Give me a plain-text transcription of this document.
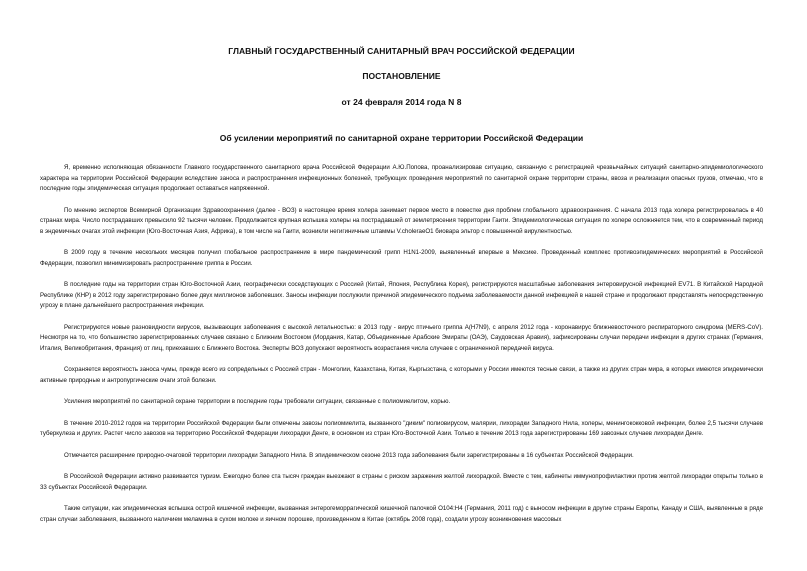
ГЛАВНЫЙ ГОСУДАРСТВЕННЫЙ САНИТАРНЫЙ ВРАЧ РОССИЙСКОЙ ФЕДЕРАЦИИ
ПОСТАНОВЛЕНИЕ
от 24 февраля 2014 года N 8
Об усилении мероприятий по санитарной охране территории Российской Федерации

Я, временно исполняющая обязанности Главного государственного санитарного врача Российской Федерации А.Ю.Попова, проанализировав ситуацию, связанную с регистрацией чрезвычайных ситуаций санитарно-эпидемиологического характера на территории Российской Федерации вследствие заноса и распространения инфекционных болезней, требующих проведения мероприятий по санитарной охране территории страны, ввоза и реализации опасных грузов, отмечаю, что в последние годы эпидемическая ситуация продолжает оставаться напряженной.

По мнению экспертов Всемирной Организации Здравоохранения (далее - ВОЗ) в настоящее время холера занимает первое место в повестке дня проблем глобального здравоохранения. С начала 2013 года холера регистрировалась в 40 странах мира. Число пострадавших превысило 92 тысячи человек. Продолжается крупная вспышка холеры на пострадавшей от землетрясения территории Гаити. Эпидемиологическая ситуация по холере осложняется тем, что в современный период в эндемичных очагах этой инфекции (Юго-Восточная Азия, Африка), в том числе на Гаити, возникли негигиничные штаммы V.choleraeO1 биовара эльтор с повышенной вирулентностью.

В 2009 году в течение нескольких месяцев получил глобальное распространение в мире пандемический грипп H1N1-2009, выявленный впервые в Мексике. Проведенный комплекс противоэпидемических мероприятий в Российской Федерации, позволил минимизировать распространение гриппа в России.

В последние годы на территории стран Юго-Восточной Азии, географически соседствующих с Россией (Китай, Япония, Республика Корея), регистрируются масштабные заболевания энтеровирусной инфекцией EV71. В Китайской Народной Республике (КНР) в 2012 году зарегистрировано более двух миллионов заболевших. Заносы инфекции послужили причиной эпидемического подъема заболеваемости данной инфекцией в нашей стране и продолжают представлять непосредственную угрозу в плане дальнейшего распространения инфекции.

Регистрируются новые разновидности вирусов, вызывающих заболевания с высокой летальностью: в 2013 году - вирус птичьего гриппа A(H7N9), с апреля 2012 года - коронавирус ближневосточного респираторного синдрома (MERS-CoV). Несмотря на то, что большинство зарегистрированных случаев связано с Ближним Востоком (Иордания, Катар, Объединенные Арабские Эмираты (ОАЭ), Саудовская Аравия), зафиксированы случаи передачи инфекции в других странах (Германия, Италия, Великобритания, Франция) от лиц, приехавших с Ближнего Востока. Эксперты ВОЗ допускают вероятность возрастания числа случаев с ограниченной передачей вируса.

Сохраняется вероятность заноса чумы, прежде всего из сопредельных с Россией стран - Монголии, Казахстана, Китая, Кыргызстана, с которыми у России имеются тесные связи, а также из других стран мира, в которых имеются эпидемически активные природные и антропургические очаги этой болезни.

Усиления мероприятий по санитарной охране территории в последние годы требовали ситуации, связанные с полиомиелитом, корью.

В течение 2010-2012 годов на территории Российской Федерации были отмечены завозы полиомиелита, вызванного "диким" полиовирусом, малярии, лихорадки Западного Нила, холеры, менингококковой инфекции, более 2,5 тысячи случаев туберкулеза и других. Растет число завозов на территорию Российской Федерации лихорадки Денге, в основном из стран Юго-Восточной Азии. Только в течение 2013 года зарегистрированы 169 завозных случаев лихорадки Денге.

Отмечается расширение природно-очаговой территории лихорадки Западного Нила. В эпидемическом сезоне 2013 года заболевания были зарегистрированы в 16 субъектах Российской Федерации.

В Российской Федерации активно развивается туризм. Ежегодно более ста тысяч граждан выезжают в страны с риском заражения желтой лихорадкой. Вместе с тем, кабинеты иммунопрофилактики против желтой лихорадки открыты только в 33 субъектах Российской Федерации.

Такие ситуации, как эпидемическая вспышка острой кишечной инфекции, вызванная энтерогеморрагической кишечной палочкой О104:Н4 (Германия, 2011 год) с выносом инфекции в другие страны Европы, Канаду и США, выявленные в ряде стран случаи заболевания, вызванного наличием меламина в сухом молоке и яичном порошке, произведенном в Китае (октябрь 2008 года), создали угрозу возникновения массовых
